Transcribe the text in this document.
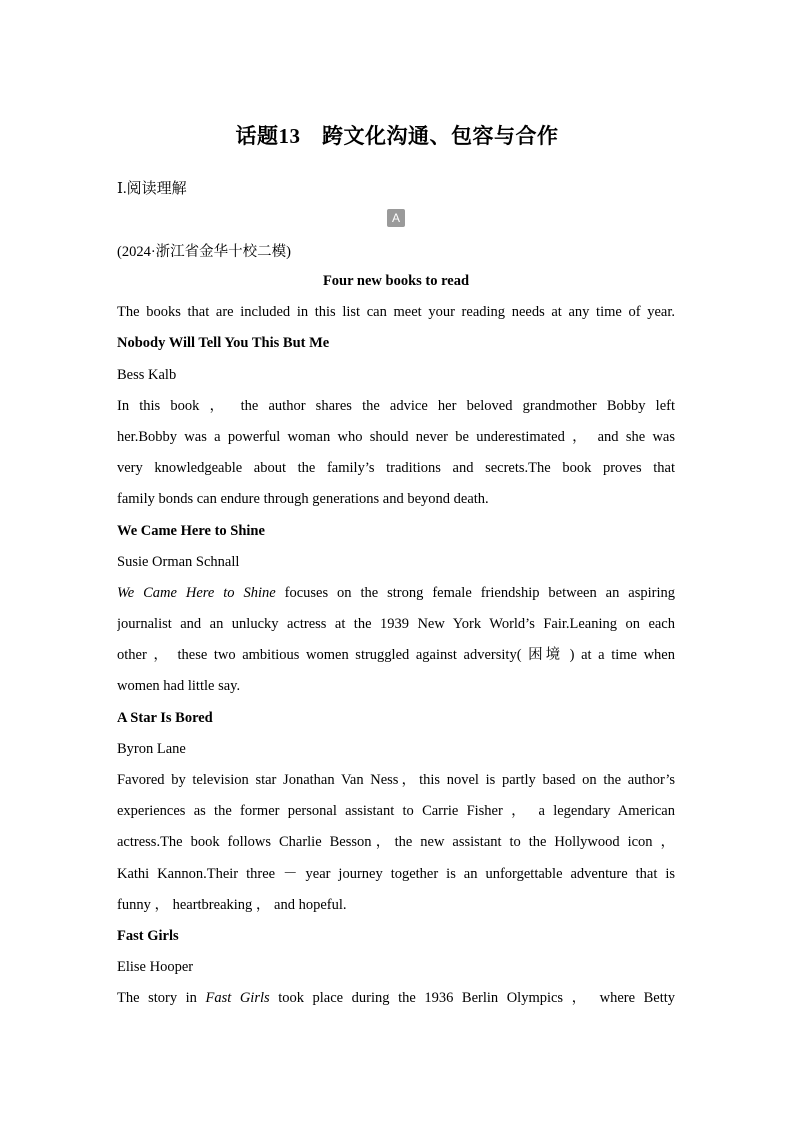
话题13　跨文化沟通、包容与合作
Ⅰ.阅读理解
A
(2024·浙江省金华十校二模)
Four new books to read
The books that are included in this list can meet your reading needs at any time of year.
Nobody Will Tell You This But Me
Bess Kalb
In this book ， the author shares the advice her beloved grandmother Bobby left
her.Bobby was a powerful woman who should never be underestimated ， and she was
very knowledgeable about the family’s traditions and secrets.The book proves that
family bonds can endure through generations and beyond death.
We Came Here to Shine
Susie Orman Schnall
We Came Here to Shine focuses on the strong female friendship between an aspiring
journalist and an unlucky actress at the 1939 New York World’s Fair.Leaning on each
other ， these two ambitious women struggled against adversity( 困境 ) at a time when
women had little say.
A Star Is Bored
Byron Lane
Favored by television star Jonathan Van Ness，this novel is partly based on the author’s
experiences as the former personal assistant to Carrie Fisher ， a legendary American
actress.The book follows Charlie Besson，the new assistant to the Hollywood icon ，
Kathi Kannon.Their three － year journey together is an unforgettable adventure that is
funny ， heartbreaking ， and hopeful.
Fast Girls
Elise Hooper
The story in Fast Girls took place during the 1936 Berlin Olympics ， where Betty
